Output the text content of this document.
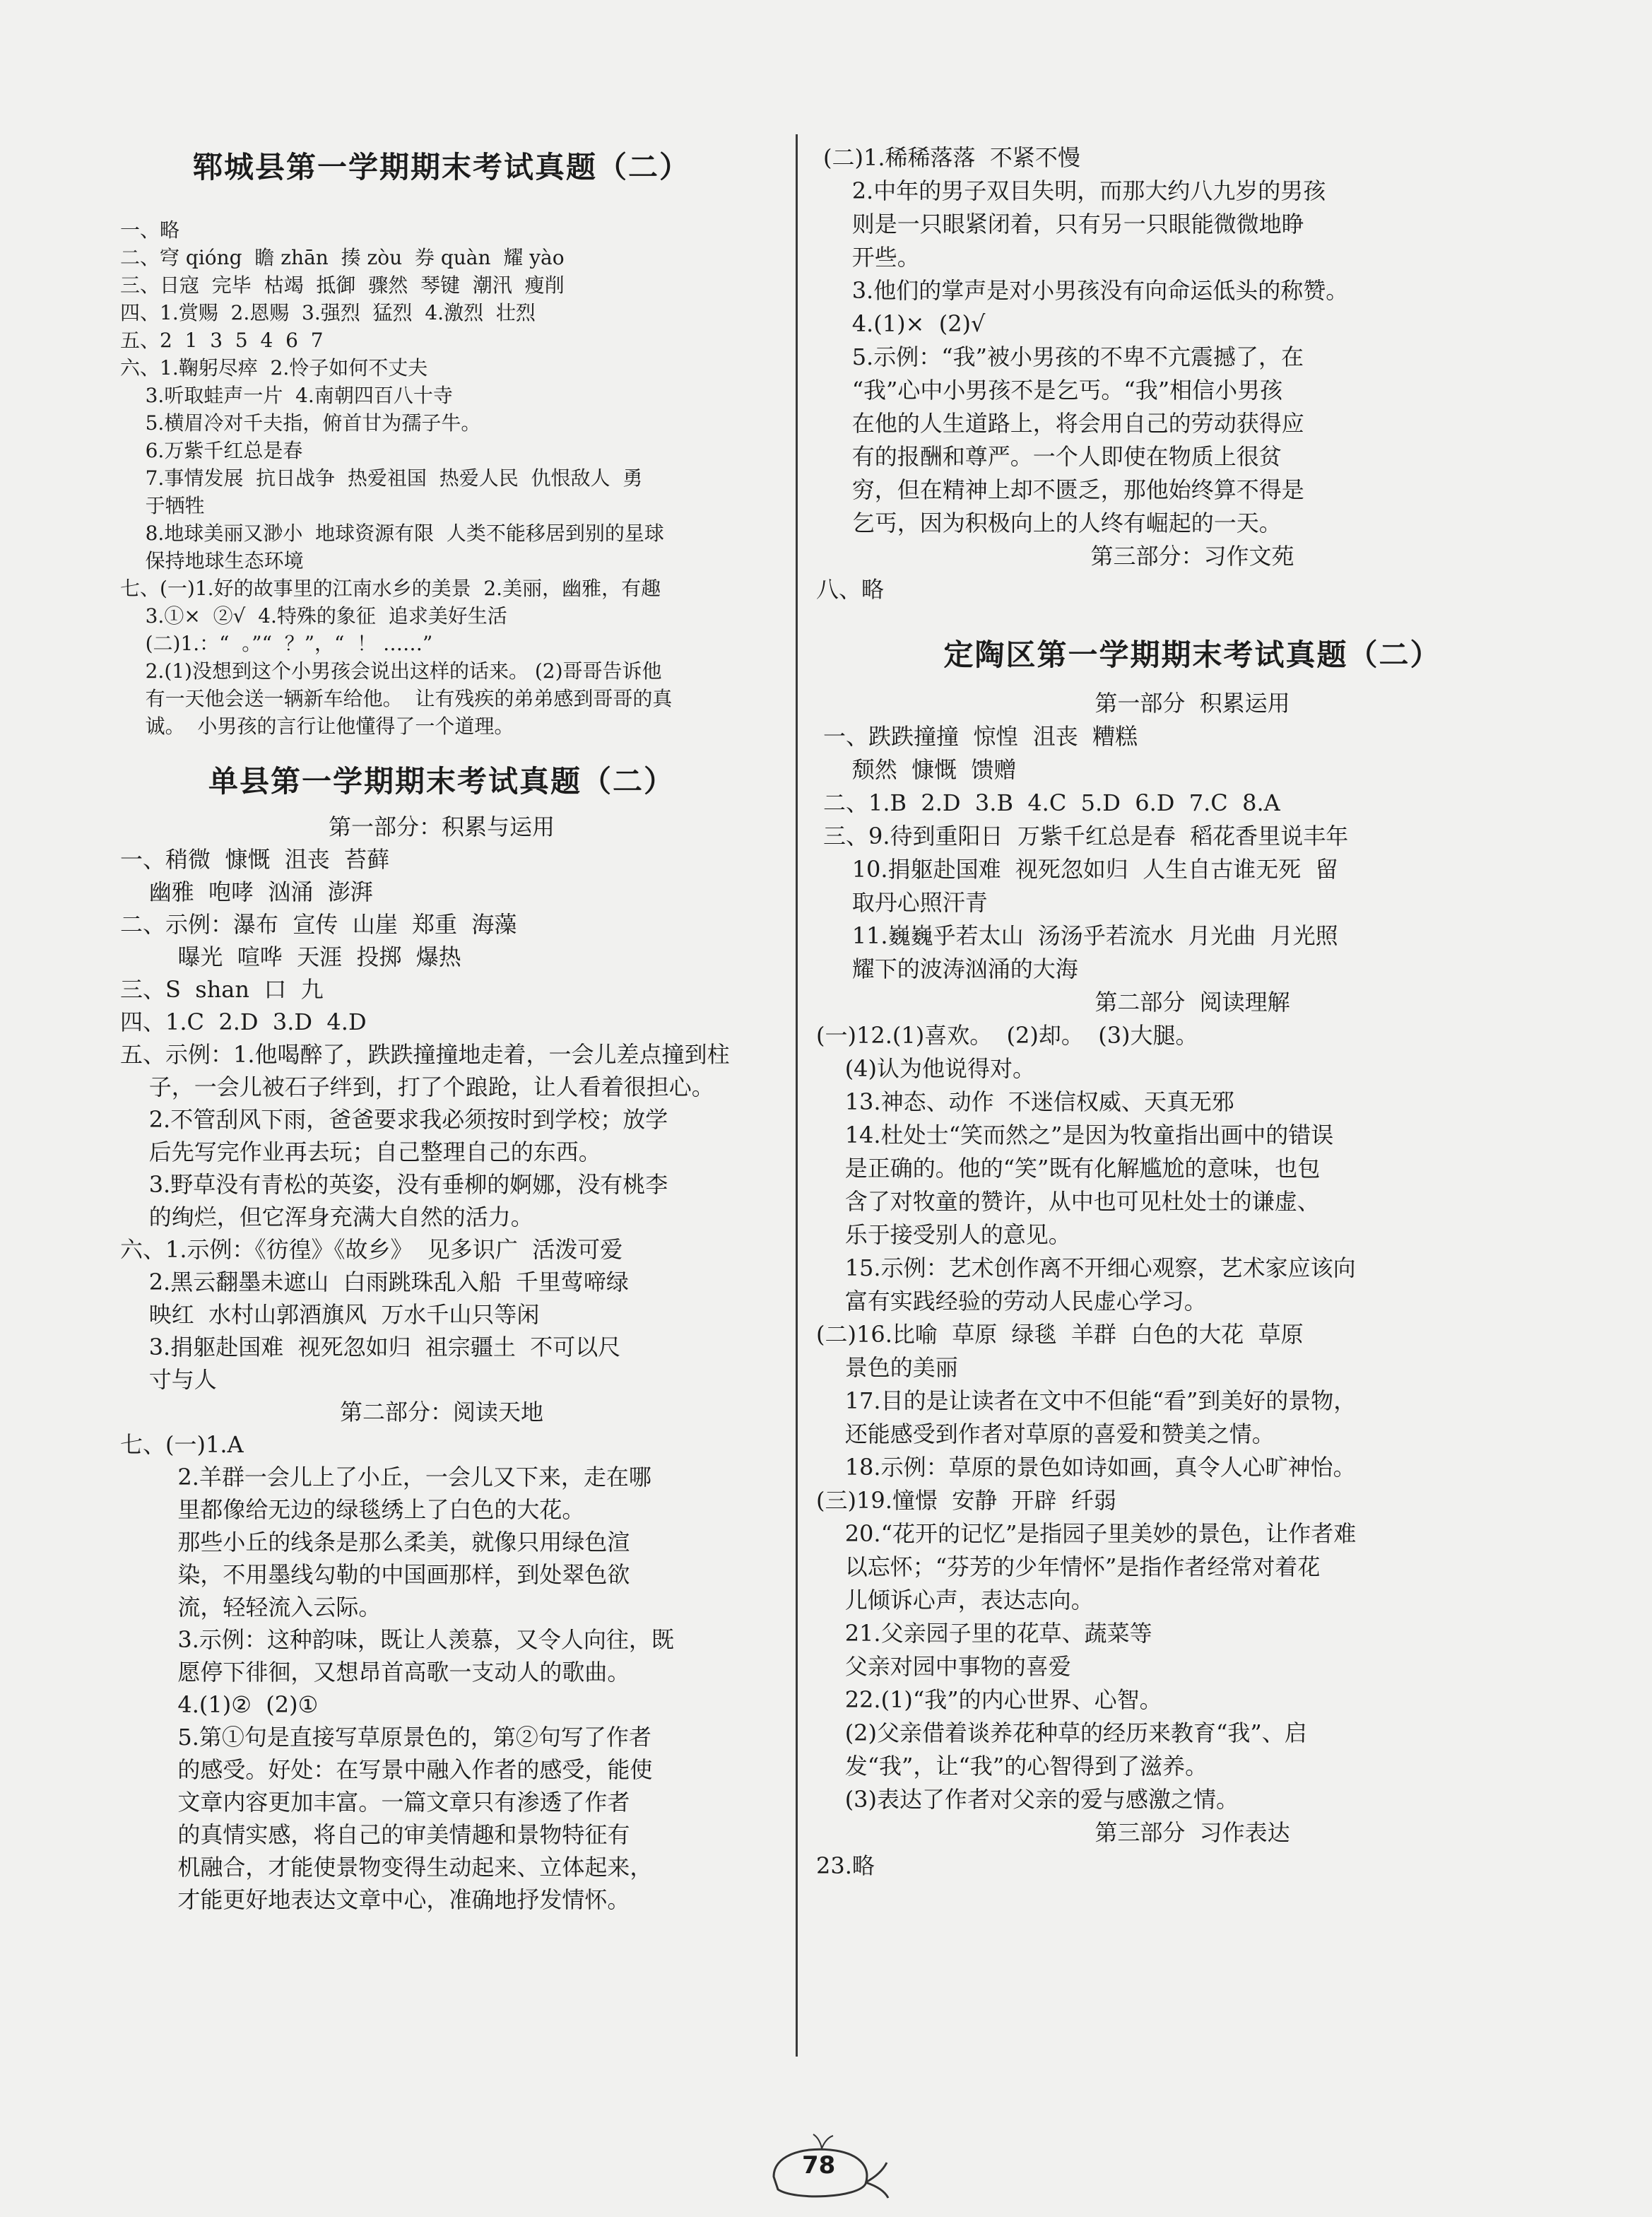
郓城县第一学期期末考试真题（二）

一、略

二、穹 qióng  瞻 zhān  揍 zòu  券 quàn  耀 yào

三、日寇  完毕  枯竭  抵御  骤然  琴键  潮汛  瘦削

四、1.赏赐  2.恩赐  3.强烈  猛烈  4.激烈  壮烈

五、2  1  3  5  4  6  7

六、1.鞠躬尽瘁  2.怜子如何不丈夫

3.听取蛙声一片  4.南朝四百八十寺

5.横眉冷对千夫指，俯首甘为孺子牛。

6.万紫千红总是春

7.事情发展  抗日战争  热爱祖国  热爱人民  仇恨敌人  勇

于牺牲

8.地球美丽又渺小  地球资源有限  人类不能移居到别的星球

保持地球生态环境

七、(一)1.好的故事里的江南水乡的美景  2.美丽，幽雅，有趣

3.①×  ②√  4.特殊的象征  追求美好生活

(二)1.：“  。”“  ？”，“  ！ ……”

2.(1)没想到这个小男孩会说出这样的话来。 (2)哥哥告诉他

有一天他会送一辆新车给他。  让有残疾的弟弟感到哥哥的真

诚。  小男孩的言行让他懂得了一个道理。

单县第一学期期末考试真题（二）

第一部分：积累与运用

一、稍微  慷慨  沮丧  苔藓

幽雅  咆哮  汹涌  澎湃

二、示例：瀑布  宣传  山崖  郑重  海藻

曝光  喧哗  天涯  投掷  爆热

三、S  shan  口  九

四、1.C  2.D  3.D  4.D

五、示例：1.他喝醉了，跌跌撞撞地走着，一会儿差点撞到柱

子，一会儿被石子绊到，打了个踉跄，让人看着很担心。

2.不管刮风下雨，爸爸要求我必须按时到学校；放学

后先写完作业再去玩；自己整理自己的东西。

3.野草没有青松的英姿，没有垂柳的婀娜，没有桃李

的绚烂，但它浑身充满大自然的活力。

六、1.示例：《彷徨》《故乡》  见多识广  活泼可爱

2.黑云翻墨未遮山  白雨跳珠乱入船  千里莺啼绿

映红  水村山郭酒旗风  万水千山只等闲

3.捐躯赴国难  视死忽如归  祖宗疆土  不可以尺

寸与人

第二部分：阅读天地

七、(一)1.A

2.羊群一会儿上了小丘，一会儿又下来，走在哪

里都像给无边的绿毯绣上了白色的大花。

那些小丘的线条是那么柔美，就像只用绿色渲

染，不用墨线勾勒的中国画那样，到处翠色欲

流，轻轻流入云际。

3.示例：这种韵味，既让人羡慕，又令人向往，既

愿停下徘徊，又想昂首高歌一支动人的歌曲。

4.(1)②  (2)①

5.第①句是直接写草原景色的，第②句写了作者

的感受。好处：在写景中融入作者的感受，能使

文章内容更加丰富。一篇文章只有渗透了作者

的真情实感，将自己的审美情趣和景物特征有

机融合，才能使景物变得生动起来、立体起来，

才能更好地表达文章中心，准确地抒发情怀。

(二)1.稀稀落落  不紧不慢

2.中年的男子双目失明，而那大约八九岁的男孩

则是一只眼紧闭着，只有另一只眼能微微地睁

开些。

3.他们的掌声是对小男孩没有向命运低头的称赞。

4.(1)×  (2)√

5.示例：“我”被小男孩的不卑不亢震撼了，在

“我”心中小男孩不是乞丐。“我”相信小男孩

在他的人生道路上，将会用自己的劳动获得应

有的报酬和尊严。一个人即使在物质上很贫

穷，但在精神上却不匮乏，那他始终算不得是

乞丐，因为积极向上的人终有崛起的一天。

第三部分：习作文苑

八、略

定陶区第一学期期末考试真题（二）

第一部分  积累运用

一、跌跌撞撞  惊惶  沮丧  糟糕

颓然  慷慨  馈赠

二、1.B  2.D  3.B  4.C  5.D  6.D  7.C  8.A

三、9.待到重阳日  万紫千红总是春  稻花香里说丰年

10.捐躯赴国难  视死忽如归  人生自古谁无死  留

取丹心照汗青

11.巍巍乎若太山  汤汤乎若流水  月光曲  月光照

耀下的波涛汹涌的大海

第二部分  阅读理解

(一)12.(1)喜欢。  (2)却。  (3)大腿。

(4)认为他说得对。

13.神态、动作  不迷信权威、天真无邪

14.杜处士“笑而然之”是因为牧童指出画中的错误

是正确的。他的“笑”既有化解尴尬的意味，也包

含了对牧童的赞许，从中也可见杜处士的谦虚、

乐于接受别人的意见。

15.示例：艺术创作离不开细心观察，艺术家应该向

富有实践经验的劳动人民虚心学习。

(二)16.比喻  草原  绿毯  羊群  白色的大花  草原

景色的美丽

17.目的是让读者在文中不但能“看”到美好的景物，

还能感受到作者对草原的喜爱和赞美之情。

18.示例：草原的景色如诗如画，真令人心旷神怡。

(三)19.憧憬  安静  开辟  纤弱

20.“花开的记忆”是指园子里美妙的景色，让作者难

以忘怀；“芬芳的少年情怀”是指作者经常对着花

儿倾诉心声，表达志向。

21.父亲园子里的花草、蔬菜等

父亲对园中事物的喜爱

22.(1)“我”的内心世界、心智。

(2)父亲借着谈养花种草的经历来教育“我”、启

发“我”，让“我”的心智得到了滋养。

(3)表达了作者对父亲的爱与感激之情。

第三部分  习作表达

23.略

78
